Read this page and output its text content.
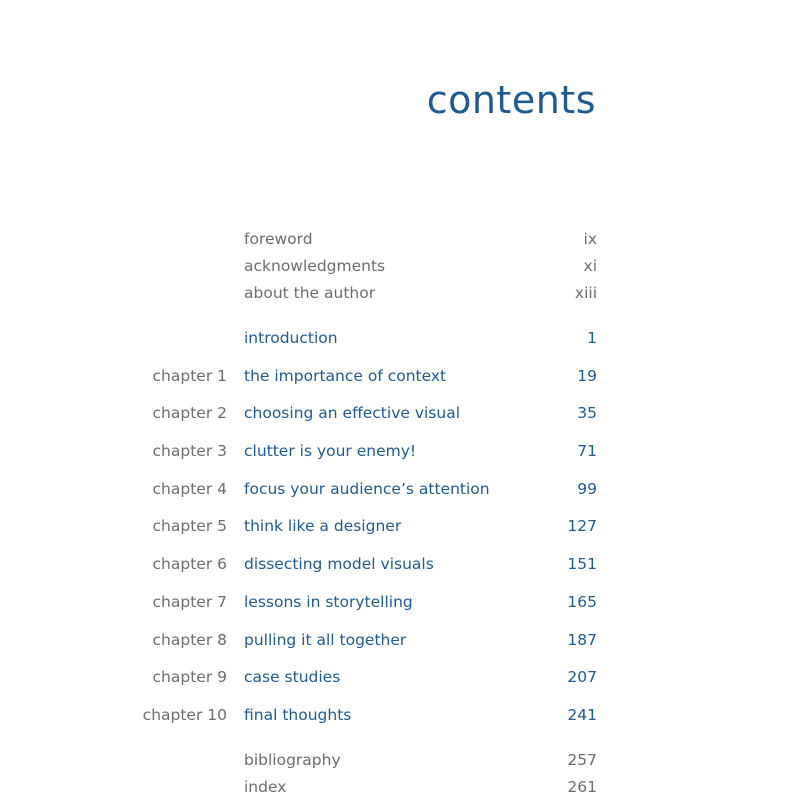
contents
foreword	ix
acknowledgments	xi
about the author	xiii
introduction	1
chapter 1 the importance of context	19
chapter 2 choosing an effective visual	35
chapter 3 clutter is your enemy!	71
chapter 4 focus your audience’s attention	99
chapter 5 think like a designer	127
chapter 6 dissecting model visuals	151
chapter 7 lessons in storytelling	165
chapter 8 pulling it all together	187
chapter 9 case studies	207
chapter 10 final thoughts	241
bibliography	257
index	261
